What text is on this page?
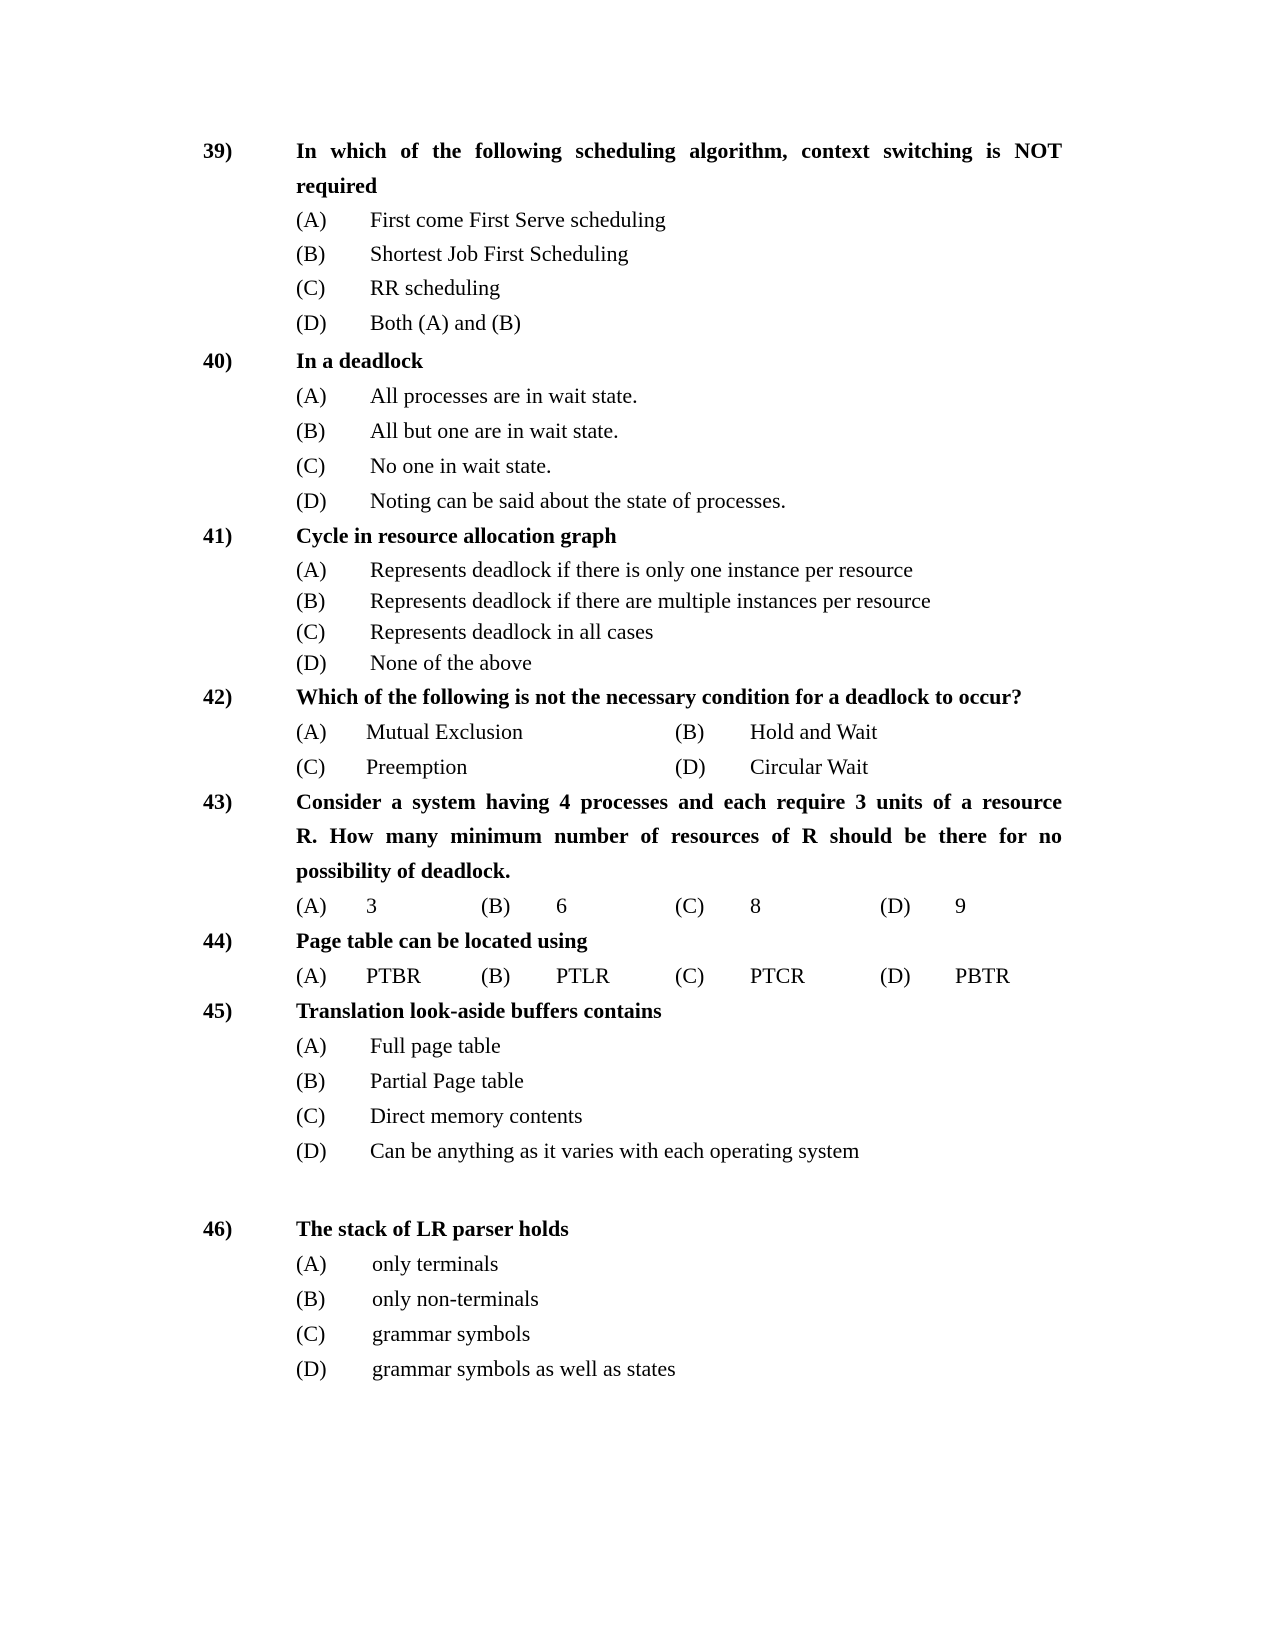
39)	In which of the following scheduling algorithm, context switching is NOT
required
(A) First come First Serve scheduling
(B) Shortest Job First Scheduling
(C) RR scheduling
(D) Both (A) and (B)
40)	In a deadlock
(A) All processes are in wait state.
(B) All but one are in wait state.
(C) No one in wait state.
(D) Noting can be said about the state of processes.
41)	Cycle in resource allocation graph
(A) Represents deadlock if there is only one instance per resource
(B) Represents deadlock if there are multiple instances per resource
(C) Represents deadlock in all cases
(D) None of the above
42)	Which of the following is not the necessary condition for a deadlock to occur?
(A) Mutual Exclusion	(B) Hold and Wait
(C) Preemption	(D) Circular Wait
43)	Consider a system having 4 processes and each require 3 units of a resource
R. How many minimum number of resources of R should be there for no
possibility of deadlock.
(A) 3	(B) 6	(C) 8	(D) 9
44)	Page table can be located using
(A) PTBR	(B) PTLR	(C) PTCR	(D) PBTR
45)	Translation look-aside buffers contains
(A) Full page table
(B) Partial Page table
(C) Direct memory contents
(D) Can be anything as it varies with each operating system
46)	The stack of LR parser holds
(A) only terminals
(B) only non-terminals
(C) grammar symbols
(D) grammar symbols as well as states
